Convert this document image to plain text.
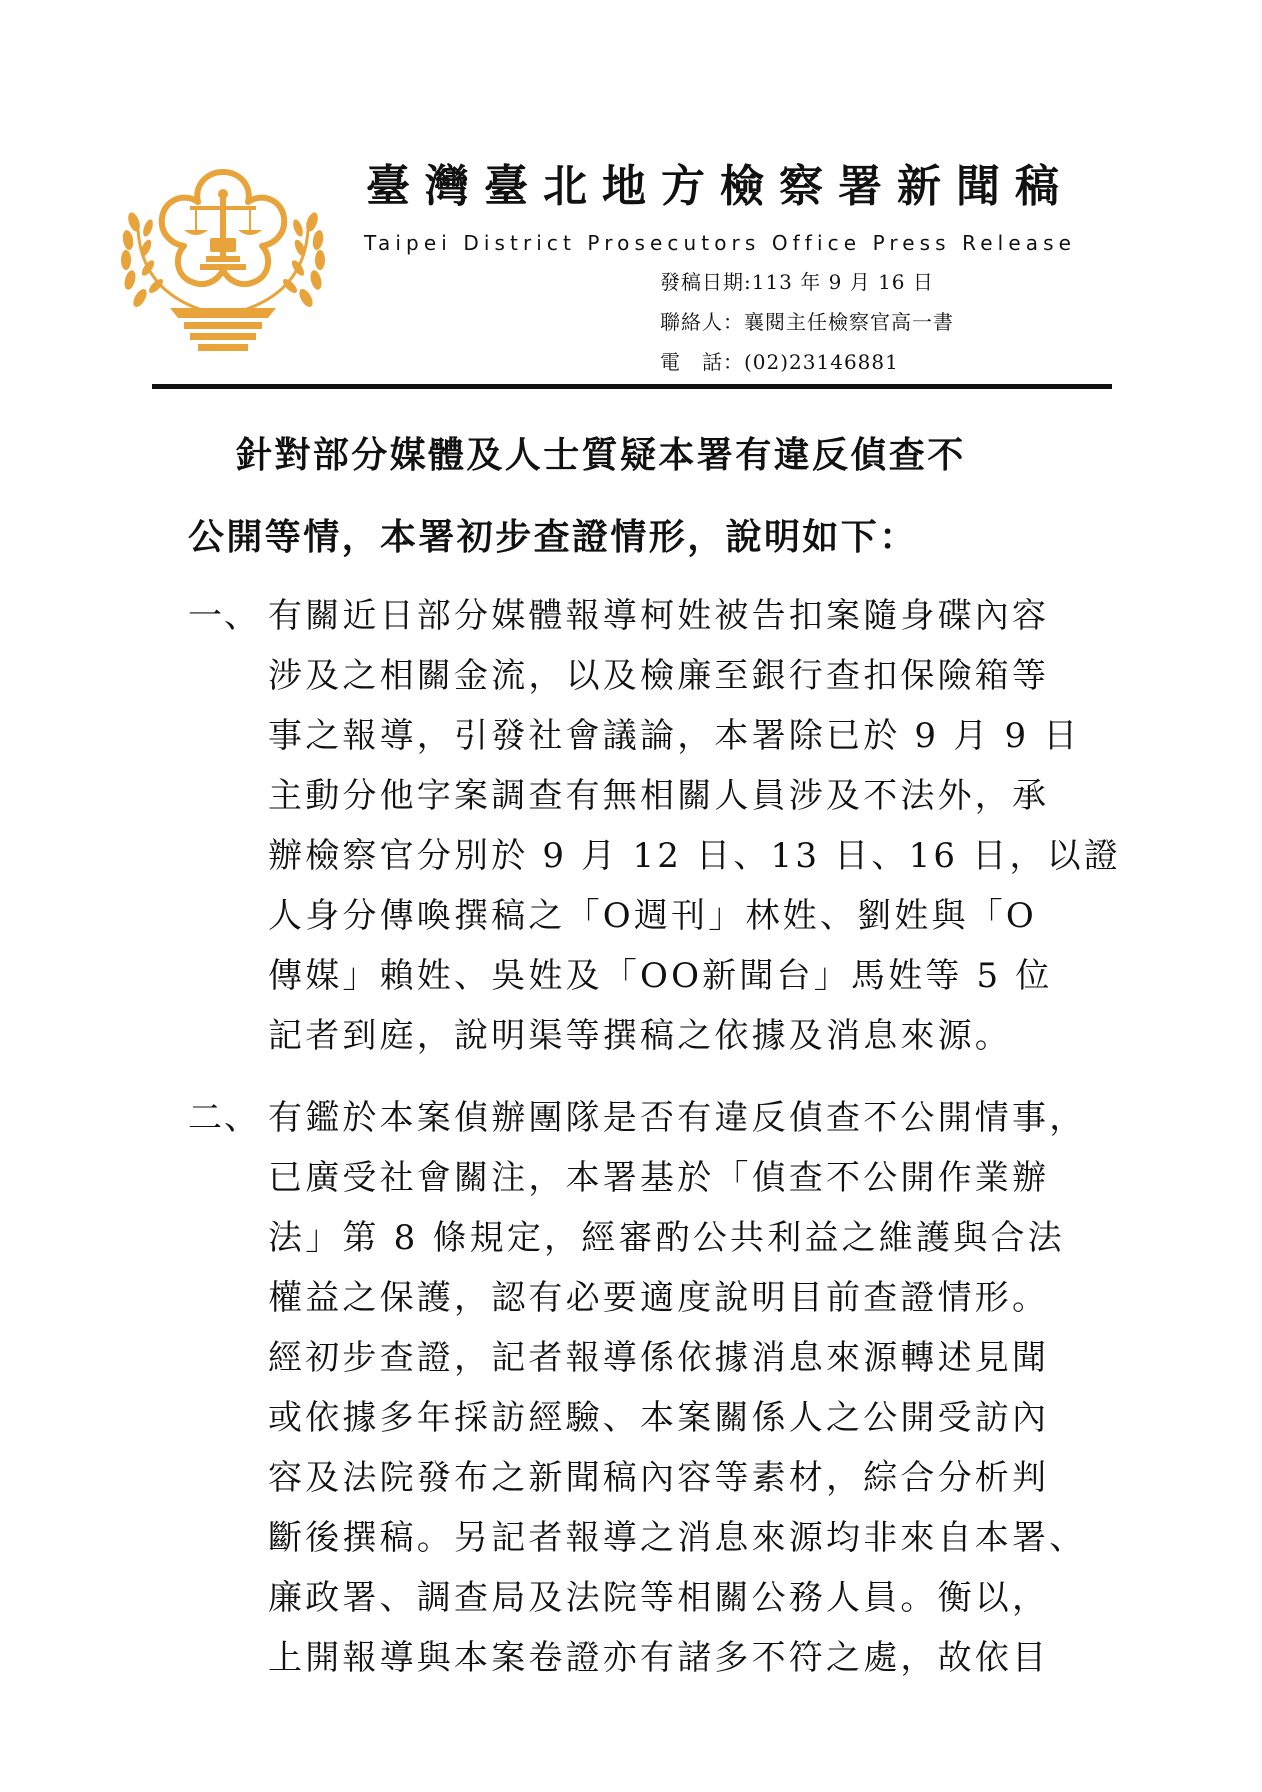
臺灣臺北地方檢察署新聞稿
Taipei District Prosecutors Office Press Release
發稿日期:113 年 9 月 16 日
聯絡人：襄閱主任檢察官高一書
電　話：(02)23146881
針對部分媒體及人士質疑本署有違反偵查不
公開等情，本署初步查證情形，說明如下：
一、 有關近日部分媒體報導柯姓被告扣案隨身碟內容
涉及之相關金流，以及檢廉至銀行查扣保險箱等
事之報導，引發社會議論，本署除已於 9 月 9 日
主動分他字案調查有無相關人員涉及不法外，承
辦檢察官分別於 9 月 12 日、13 日、16 日，以證
人身分傳喚撰稿之「O週刊」林姓、劉姓與「O
傳媒」賴姓、吳姓及「OO新聞台」馬姓等 5 位
記者到庭，說明渠等撰稿之依據及消息來源。
二、 有鑑於本案偵辦團隊是否有違反偵查不公開情事，
已廣受社會關注，本署基於「偵查不公開作業辦
法」第 8 條規定，經審酌公共利益之維護與合法
權益之保護，認有必要適度說明目前查證情形。
經初步查證，記者報導係依據消息來源轉述見聞
或依據多年採訪經驗、本案關係人之公開受訪內
容及法院發布之新聞稿內容等素材，綜合分析判
斷後撰稿。另記者報導之消息來源均非來自本署、
廉政署、調查局及法院等相關公務人員。衡以，
上開報導與本案卷證亦有諸多不符之處，故依目
